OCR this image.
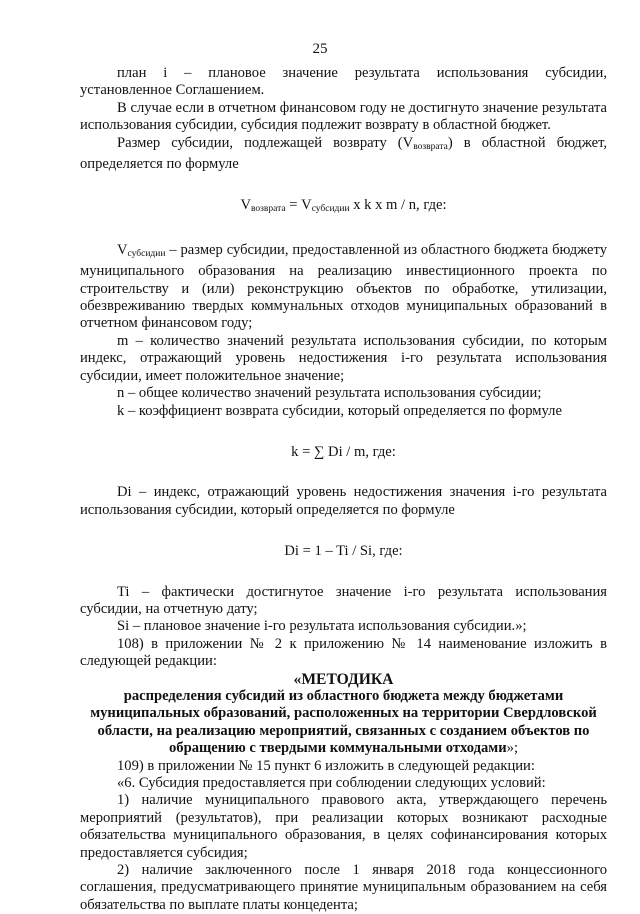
25

план i – плановое значение результата использования субсидии, установленное Соглашением.

В случае если в отчетном финансовом году не достигнуто значение результата использования субсидии, субсидия подлежит возврату в областной бюджет.

Размер субсидии, подлежащей возврату (Vвозврата) в областной бюджет, определяется по формуле

$V_{возврата} = V_{субсидии}$ x k x m / n, где:

Vсубсидии – размер субсидии, предоставленной из областного бюджета бюджету муниципального образования на реализацию инвестиционного проекта по строительству и (или) реконструкцию объектов по обработке, утилизации, обезвреживанию твердых коммунальных отходов муниципальных образований в отчетном финансовом году;

m – количество значений результата использования субсидии, по которым индекс, отражающий уровень недостижения i-го результата использования субсидии, имеет положительное значение;

n – общее количество значений результата использования субсидии;

k – коэффициент возврата субсидии, который определяется по формуле

k = ∑ Di / m, где:

Di – индекс, отражающий уровень недостижения значения i-го результата использования субсидии, который определяется по формуле

Di = 1 – Ti / Si, где:

Ti – фактически достигнутое значение i-го результата использования субсидии, на отчетную дату;

Si – плановое значение i-го результата использования субсидии.»;

108) в приложении № 2 к приложению № 14 наименование изложить в следующей редакции:

«МЕТОДИКА

распределения субсидий из областного бюджета между бюджетами муниципальных образований, расположенных на территории Свердловской области, на реализацию мероприятий, связанных с созданием объектов по обращению с твердыми коммунальными отходами»;

109) в приложении № 15 пункт 6 изложить в следующей редакции:

«6. Субсидия предоставляется при соблюдении следующих условий:

1) наличие муниципального правового акта, утверждающего перечень мероприятий (результатов), при реализации которых возникают расходные обязательства муниципального образования, в целях софинансирования которых предоставляется субсидия;

2) наличие заключенного после 1 января 2018 года концессионного соглашения, предусматривающего принятие муниципальным образованием на себя обязательства по выплате платы концедента;
